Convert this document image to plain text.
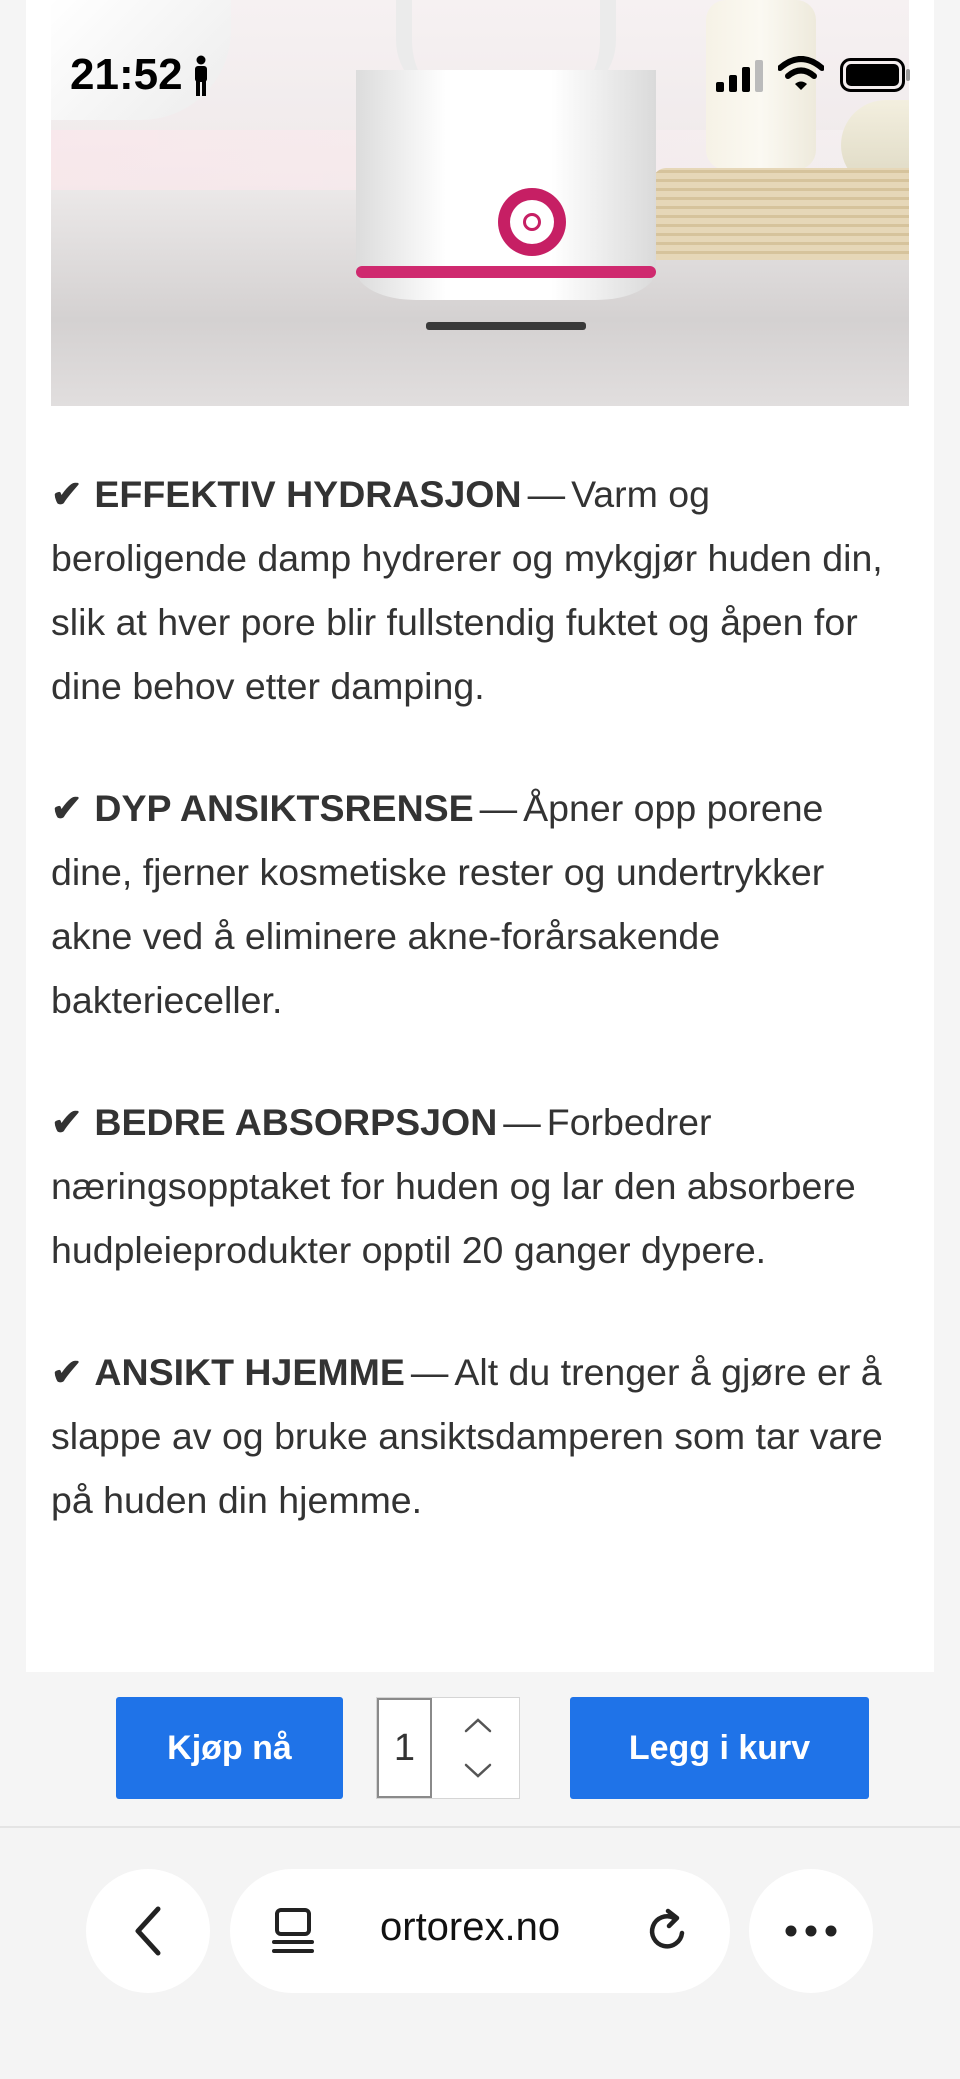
21:52

✔ EFFEKTIV HYDRASJON — Varm og beroligende damp hydrerer og mykgjør huden din, slik at hver pore blir fullstendig fuktet og åpen for dine behov etter damping.

✔ DYP ANSIKTSRENSE — Åpner opp porene dine, fjerner kosmetiske rester og undertrykker akne ved å eliminere akne-forårsakende bakterieceller.

✔ BEDRE ABSORPSJON — Forbedrer næringsopptaket for huden og lar den absorbere hudpleieprodukter opptil 20 ganger dypere.

✔ ANSIKT HJEMME — Alt du trenger å gjøre er å slappe av og bruke ansiktsdamperen som tar vare på huden din hjemme.

Kjøp nå	1	Legg i kurv
ortorex.no
